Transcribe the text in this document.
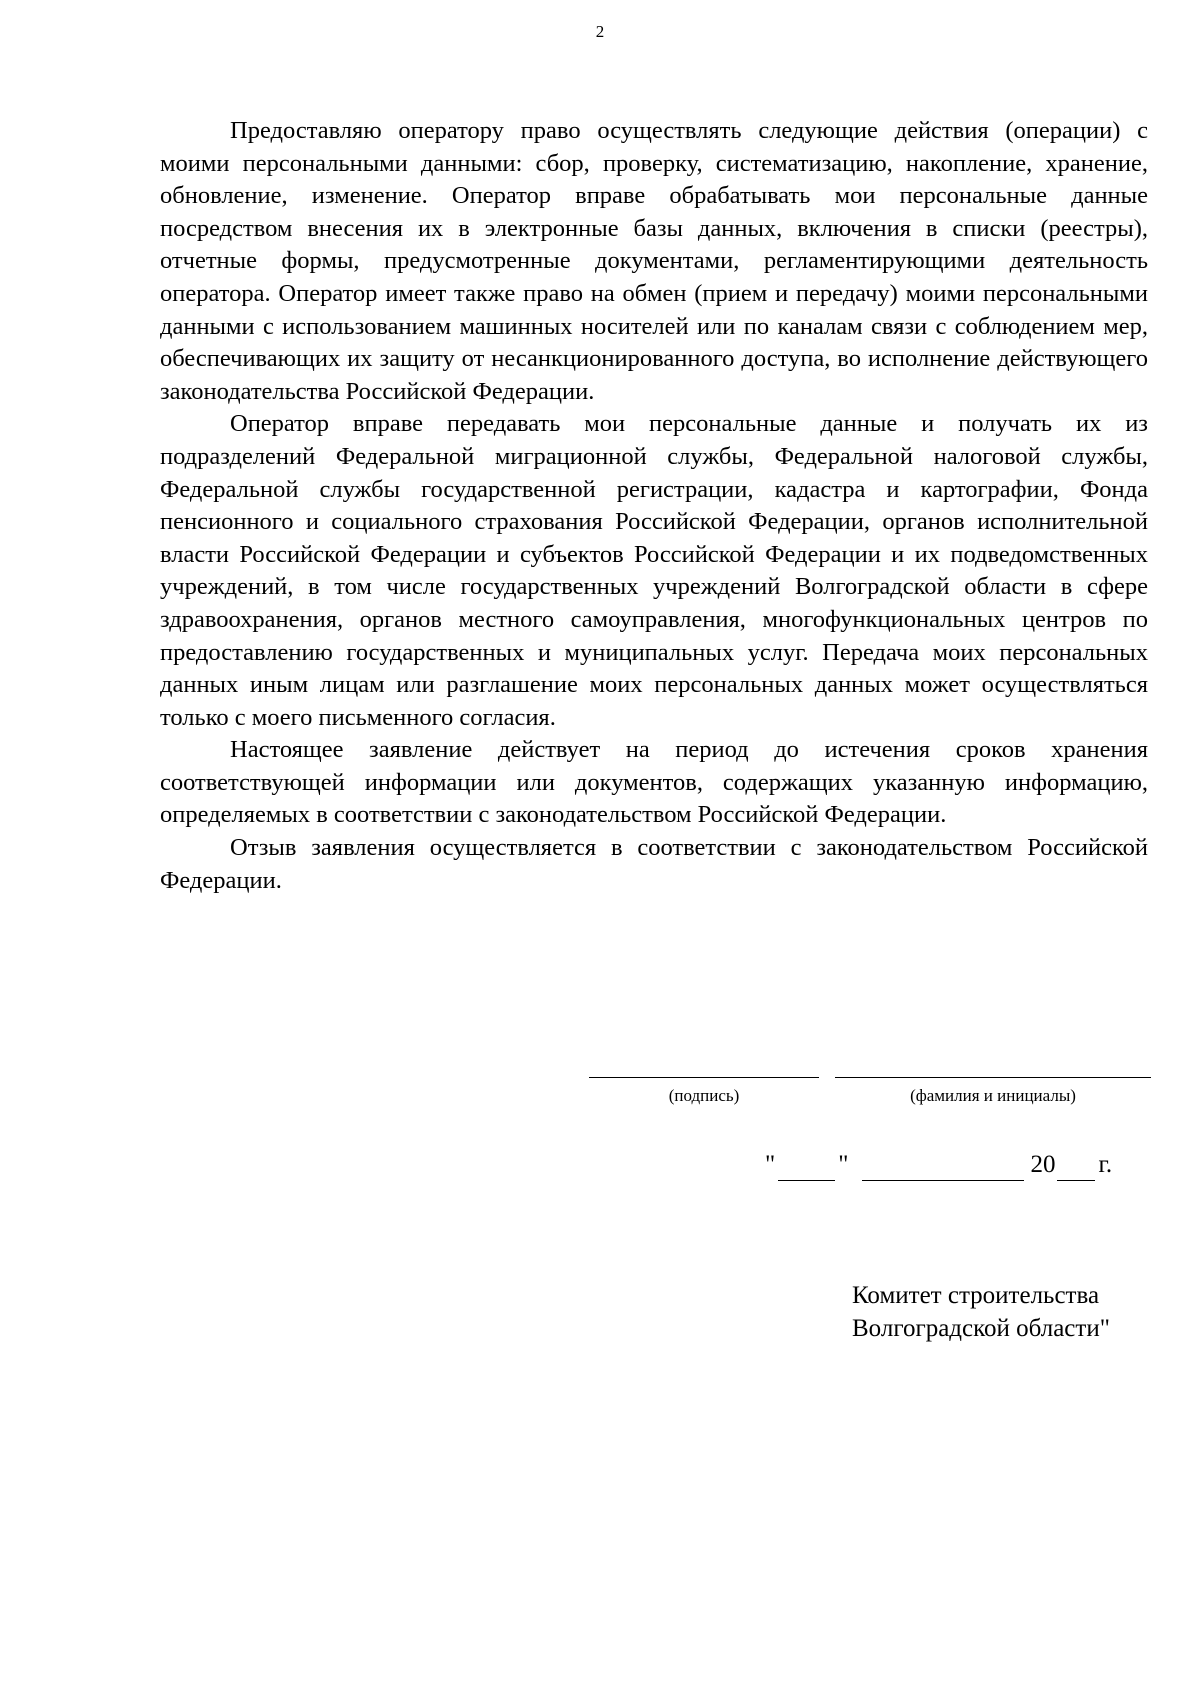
2

Предоставляю оператору право осуществлять следующие действия (операции) с моими персональными данными: сбор, проверку, систематизацию, накопление, хранение, обновление, изменение. Оператор вправе обрабатывать мои персональные данные посредством внесения их в электронные базы данных, включения в списки (реестры), отчетные формы, предусмотренные документами, регламентирующими деятельность оператора. Оператор имеет также право на обмен (прием и передачу) моими персональными данными с использованием машинных носителей или по каналам связи с соблюдением мер, обеспечивающих их защиту от несанкционированного доступа, во исполнение действующего законодательства Российской Федерации.

Оператор вправе передавать мои персональные данные и получать их из подразделений Федеральной миграционной службы, Федеральной налоговой службы, Федеральной службы государственной регистрации, кадастра и картографии, Фонда пенсионного и социального страхования Российской Федерации, органов исполнительной власти Российской Федерации и субъектов Российской Федерации и их подведомственных учреждений, в том числе государственных учреждений Волгоградской области в сфере здравоохранения, органов местного самоуправления, многофункциональных центров по предоставлению государственных и муниципальных услуг. Передача моих персональных данных иным лицам или разглашение моих персональных данных может осуществляться только с моего письменного согласия.

Настоящее заявление действует на период до истечения сроков хранения соответствующей информации или документов, содержащих указанную информацию, определяемых в соответствии с законодательством Российской Федерации.

Отзыв заявления осуществляется в соответствии с законодательством Российской Федерации.

(подпись)	(фамилия и инициалы)
"	"	20 г.
Комитет строительства
Волгоградской области"
